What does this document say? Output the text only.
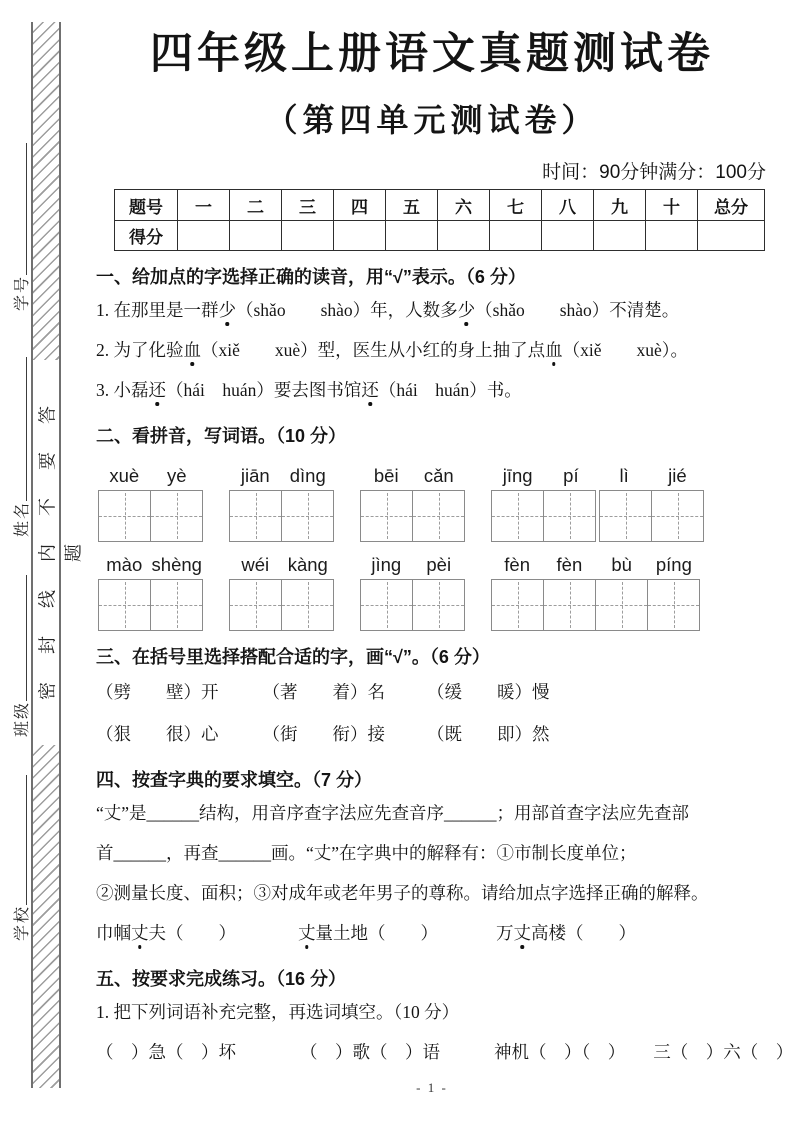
学号
姓名
班级
学校
密封线内不要答题
四年级上册语文真题测试卷
（第四单元测试卷）
时间：90分钟满分：100分
题号	一	二	三	四	五	六	七	八	九	十	总分
得分											
一、给加点的字选择正确的读音，用“√”表示。（6 分）
1. 在那里是一群少（shǎo　　shào）年，人数多少（shǎo　　shào）不清楚。
2. 为了化验血（xiě　　xuè）型，医生从小红的身上抽了点血（xiě　　xuè）。
3. 小磊还（hái　huán）要去图书馆还（hái　huán）书。
二、看拼音，写词语。（10 分）
xuè	yè	jiān	dìng	bēi	cǎn	jīng	pí	lì	jié
mào shèng	wéi	kàng	jìng	pèi	fèn	fèn	bù	píng
三、在括号里选择搭配合适的字，画“√”。（6 分）
（劈　　壁）开	（著　　着）名 （缓　　暖）慢
（狠　　很）心	（街　　衔）接 （既　　即）然
四、按查字典的要求填空。（7 分）
“丈”是______结构，用音序查字法应先查音序______；用部首查字法应先查部
首______，再查______画。“丈”在字典中的解释有：①市制长度单位；
②测量长度、面积；③对成年或老年男子的尊称。请给加点字选择正确的解释。
巾帼丈夫（　　）	丈量土地（　　）	万丈高楼（　　）
五、按要求完成练习。（16 分）
1. 把下列词语补充完整，再选词填空。（10 分）
（　）急（　）坏	（　）歌（　）语	神机（　）（　） 三（　）六（　）
- 1 -
